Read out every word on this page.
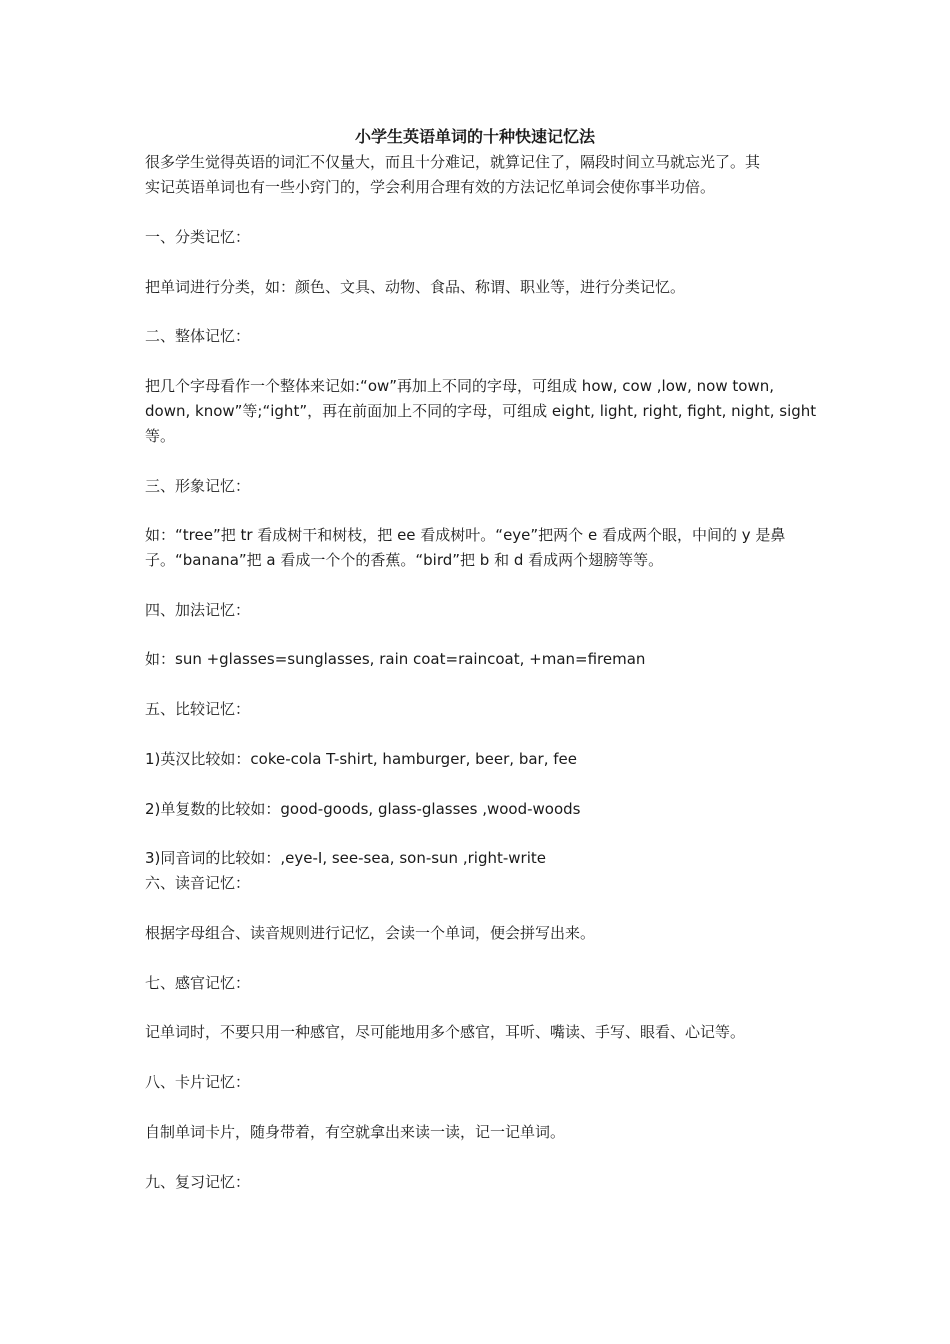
小学生英语单词的十种快速记忆法
很多学生觉得英语的词汇不仅量大，而且十分难记，就算记住了，隔段时间立马就忘光了。其
实记英语单词也有一些小窍门的，学会利用合理有效的方法记忆单词会使你事半功倍。
一、分类记忆：
把单词进行分类，如：颜色、文具、动物、食品、称谓、职业等，进行分类记忆。
二、整体记忆：
把几个字母看作一个整体来记如:“ow”再加上不同的字母，可组成 how, cow ,low, now town,
down, know”等;“ight”，再在前面加上不同的字母，可组成 eight, light, right, fight, night, sight
等。
三、形象记忆：
如：“tree”把 tr 看成树干和树枝，把 ee 看成树叶。“eye”把两个 e 看成两个眼，中间的 y 是鼻
子。“banana”把 a 看成一个个的香蕉。“bird”把 b 和 d 看成两个翅膀等等。
四、加法记忆：
如：sun +glasses=sunglasses, rain coat=raincoat, +man=fireman
五、比较记忆：
1)英汉比较如：coke-cola T-shirt, hamburger, beer, bar, fee
2)单复数的比较如：good-goods, glass-glasses ,wood-woods
3)同音词的比较如：,eye-I, see-sea, son-sun ,right-write
六、读音记忆：
根据字母组合、读音规则进行记忆，会读一个单词，便会拼写出来。
七、感官记忆：
记单词时，不要只用一种感官，尽可能地用多个感官，耳听、嘴读、手写、眼看、心记等。
八、卡片记忆：
自制单词卡片，随身带着，有空就拿出来读一读，记一记单词。
九、复习记忆：
